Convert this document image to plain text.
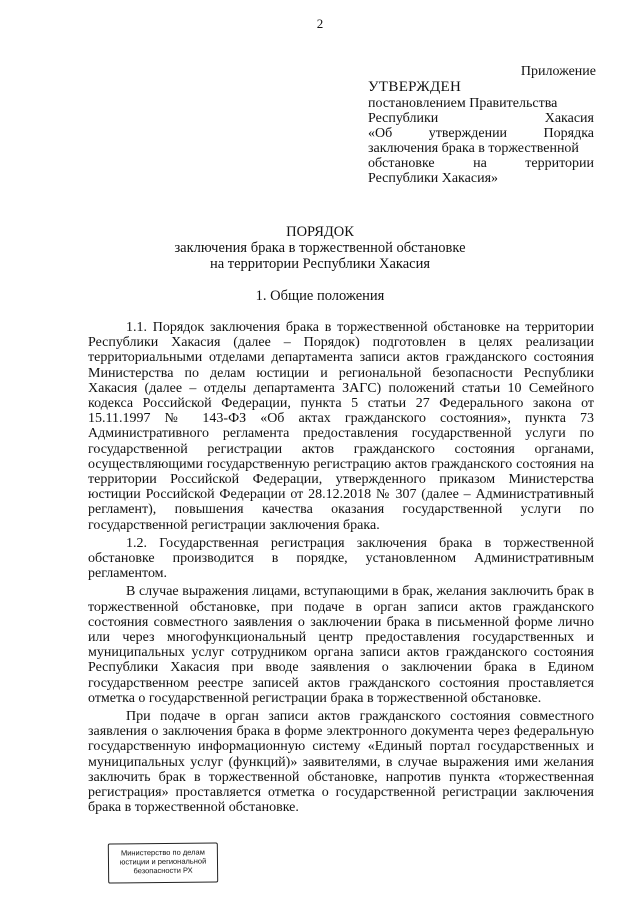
2
Приложение
УТВЕРЖДЕН
постановлением Правительства
Республики Хакасия
«Об утверждении Порядка
заключения брака в торжественной
обстановке на территории
Республики Хакасия»
ПОРЯДОК
заключения брака в торжественной обстановке
на территории Республики Хакасия
1. Общие положения

1.1. Порядок заключения брака в торжественной обстановке на территории Республики Хакасия (далее – Порядок) подготовлен в целях реализации территориальными отделами департамента записи актов гражданского состояния Министерства по делам юстиции и региональной безопасности Республики Хакасия (далее – отделы департамента ЗАГС) положений статьи 10 Семейного кодекса Российской Федерации, пункта 5 статьи 27 Федерального закона от 15.11.1997 № 143-ФЗ «Об актах гражданского состояния», пункта 73 Административного регламента предоставления государственной услуги по государственной регистрации актов гражданского состояния органами, осуществляющими государственную регистрацию актов гражданского состояния на территории Российской Федерации, утвержденного приказом Министерства юстиции Российской Федерации от 28.12.2018 № 307 (далее – Административный регламент), повышения качества оказания государственной услуги по государственной регистрации заключения брака.

1.2. Государственная регистрация заключения брака в торжественной обстановке производится в порядке, установленном Административным регламентом.

В случае выражения лицами, вступающими в брак, желания заключить брак в торжественной обстановке, при подаче в орган записи актов гражданского состояния совместного заявления о заключении брака в письменной форме лично или через многофункциональный центр предоставления государственных и муниципальных услуг сотрудником органа записи актов гражданского состояния Республики Хакасия при вводе заявления о заключении брака в Едином государственном реестре записей актов гражданского состояния проставляется отметка о государственной регистрации брака в торжественной обстановке.

При подаче в орган записи актов гражданского состояния совместного заявления о заключения брака в форме электронного документа через федеральную государственную информационную систему «Единый портал государственных и муниципальных услуг (функций)» заявителями, в случае выражения ими желания заключить брак в торжественной обстановке, напротив пункта «торжественная регистрация» проставляется отметка о государственной регистрации заключения брака в торжественной обстановке.

Министерство по делам
юстиции и региональной
безопасности РХ
